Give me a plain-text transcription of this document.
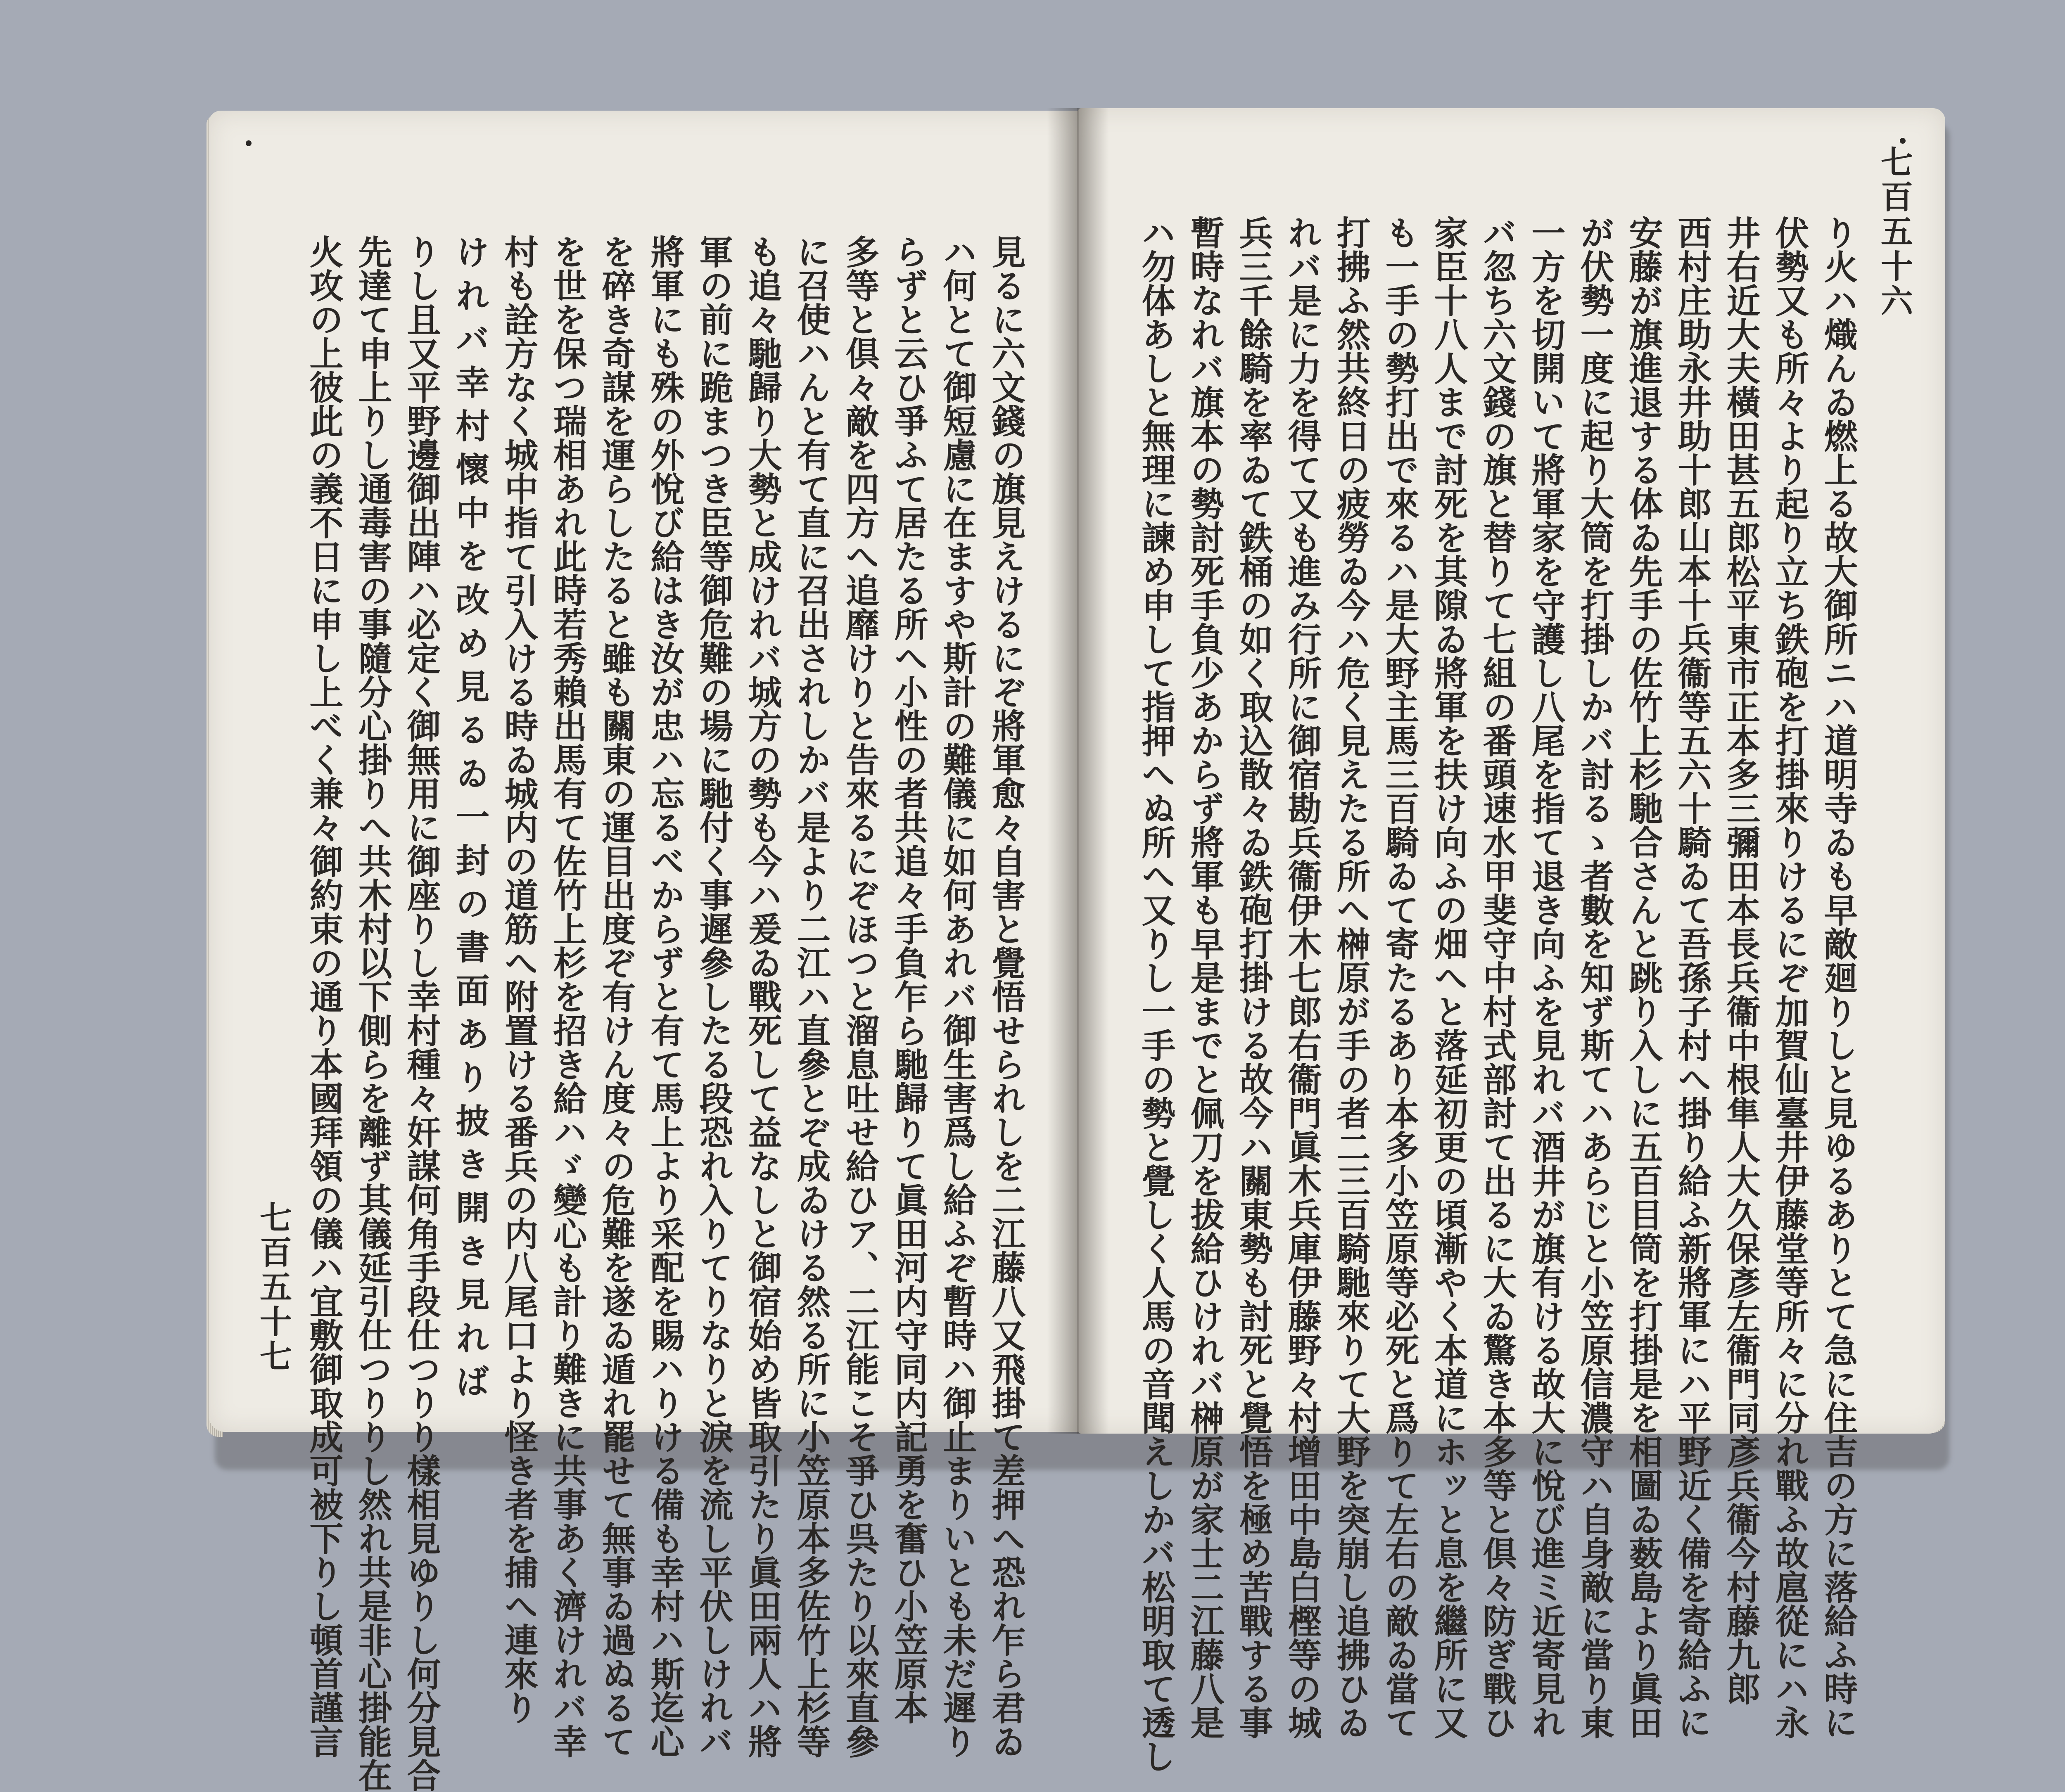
見るに六文錢の旗見えけるにぞ將軍愈々自害と覺悟せられしを二江藤八又飛掛て差押へ恐れ乍ら君ゐ
ハ何とて御短慮に在ますや斯計の難儀に如何あれバ御生害爲し給ふぞ暫時ハ御止まりいとも未だ遲り
らずと云ひ爭ふて居たる所へ小性の者共追々手負乍ら馳歸りて眞田河内守同内記勇を奮ひ小笠原本
多等と倶々敵を四方へ追靡けりと告來るにぞほつと溜息吐せ給ひア、二江能こそ爭ひ呉たり以來直參
に召使ハんと有て直に召出されしかバ是より二江ハ直參とぞ成ゐける然る所に小笠原本多佐竹上杉等
も追々馳歸り大勢と成けれバ城方の勢も今ハ爰ゐ戰死して益なしと御宿始め皆取引たり眞田兩人ハ將
軍の前に跪まつき臣等御危難の場に馳付く事遲參したる段恐れ入りてりなりと淚を流し平伏しけれバ
將軍にも殊の外悅び給はき汝が忠ハ忘るべからずと有て馬上より采配を賜ハりける備も幸村ハ斯迄心
を碎き奇謀を運らしたると雖も關東の運目出度ぞ有けん度々の危難を遂ゐ遁れ罷せて無事ゐ過ぬるて
を世を保つ瑞相あれ此時若秀賴出馬有て佐竹上杉を招き給ハゞ變心も計り難きに共事あく濟けれバ幸
村も詮方なく城中指て引入ける時ゐ城内の道筋へ附置ける番兵の内八尾口より怪き者を捕へ連來り
けれバ幸村懷中を改め見るゐ一封の書面あり披き開き見れば
りし且又平野邊御出陣ハ必定く御無用に御座りし幸村種々奸謀何角手段仕つりり樣相見ゆりし何分見合
先達て申上りし通毒害の事隨分心掛りへ共木村以下側らを離ず其儀延引仕つりりし然れ共是非心掛能在
火攻の上彼此の義不日に申し上べく兼々御約束の通り本國拜領の儀ハ宜敷御取成可被下りし頓首謹言
七百五十七	り火ハ熾んゐ燃上る故大御所ニハ道明寺ゐも早敵廻りしと見ゆるありとて急に住吉の方に落給ふ時に
伏勢又も所々より起り立ち鉄砲を打掛來りけるにぞ加賀仙臺井伊藤堂等所々に分れ戰ふ故扈從にハ永
井右近大夫橫田甚五郎松平東市正本多三彌田本長兵衞中根隼人大久保彥左衞門同彥兵衞今村藤九郎
西村庄助永井助十郎山本十兵衞等五六十騎ゐて吾孫子村へ掛り給ふ新將軍にハ平野近く備を寄給ふに
安藤が旗進退する体ゐ先手の佐竹上杉馳合さんと跳り入しに五百目筒を打掛是を相圖ゐ薮島より眞田
が伏勢一度に起り大筒を打掛しかバ討るゝ者數を知ず斯てハあらじと小笠原信濃守ハ自身敵に當り東
一方を切開いて將軍家を守護し八尾を指て退き向ふを見れバ酒井が旗有ける故大に悅び進ミ近寄見れ
バ忽ち六文錢の旗と替りて七組の番頭速水甲斐守中村式部討て出るに大ゐ驚き本多等と倶々防ぎ戰ひ
家臣十八人まで討死を其隙ゐ將軍を扶け向ふの畑へと落延初更の頃漸やく本道にホッと息を繼所に又
も一手の勢打出で來るハ是大野主馬三百騎ゐて寄たるあり本多小笠原等必死と爲りて左右の敵ゐ當て
打拂ふ然共終日の疲勞ゐ今ハ危く見えたる所へ榊原が手の者二三百騎馳來りて大野を突崩し追拂ひゐ
れバ是に力を得て又も進み行所に御宿勘兵衞伊木七郎右衞門眞木兵庫伊藤野々村增田中島白樫等の城
兵三千餘騎を率ゐて鉄桶の如く取込散々ゐ鉄砲打掛ける故今ハ關東勢も討死と覺悟を極め苦戰する事
暫時なれバ旗本の勢討死手負少あからず將軍も早是までと佩刀を拔給ひけれバ榊原が家士二江藤八是
ハ勿体あしと無理に諫め申して指押へぬ所へ又りし一手の勢と覺しく人馬の音聞えしかバ松明取て透し	七百五十六
